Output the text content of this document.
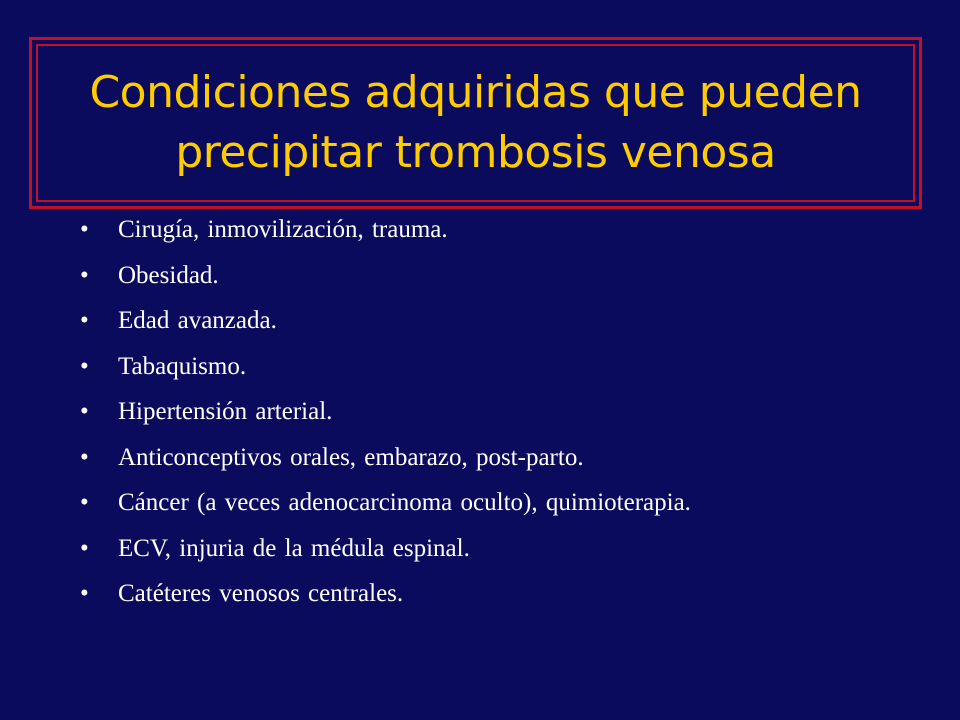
Condiciones adquiridas que pueden
precipitar trombosis venosa
•	Cirugía, inmovilización, trauma.
•	Obesidad.
•	Edad avanzada.
•	Tabaquismo.
•	Hipertensión arterial.
•	Anticonceptivos orales, embarazo, post-parto.
•	Cáncer (a veces adenocarcinoma oculto), quimioterapia.
•	ECV, injuria de la médula espinal.
•	Catéteres venosos centrales.
